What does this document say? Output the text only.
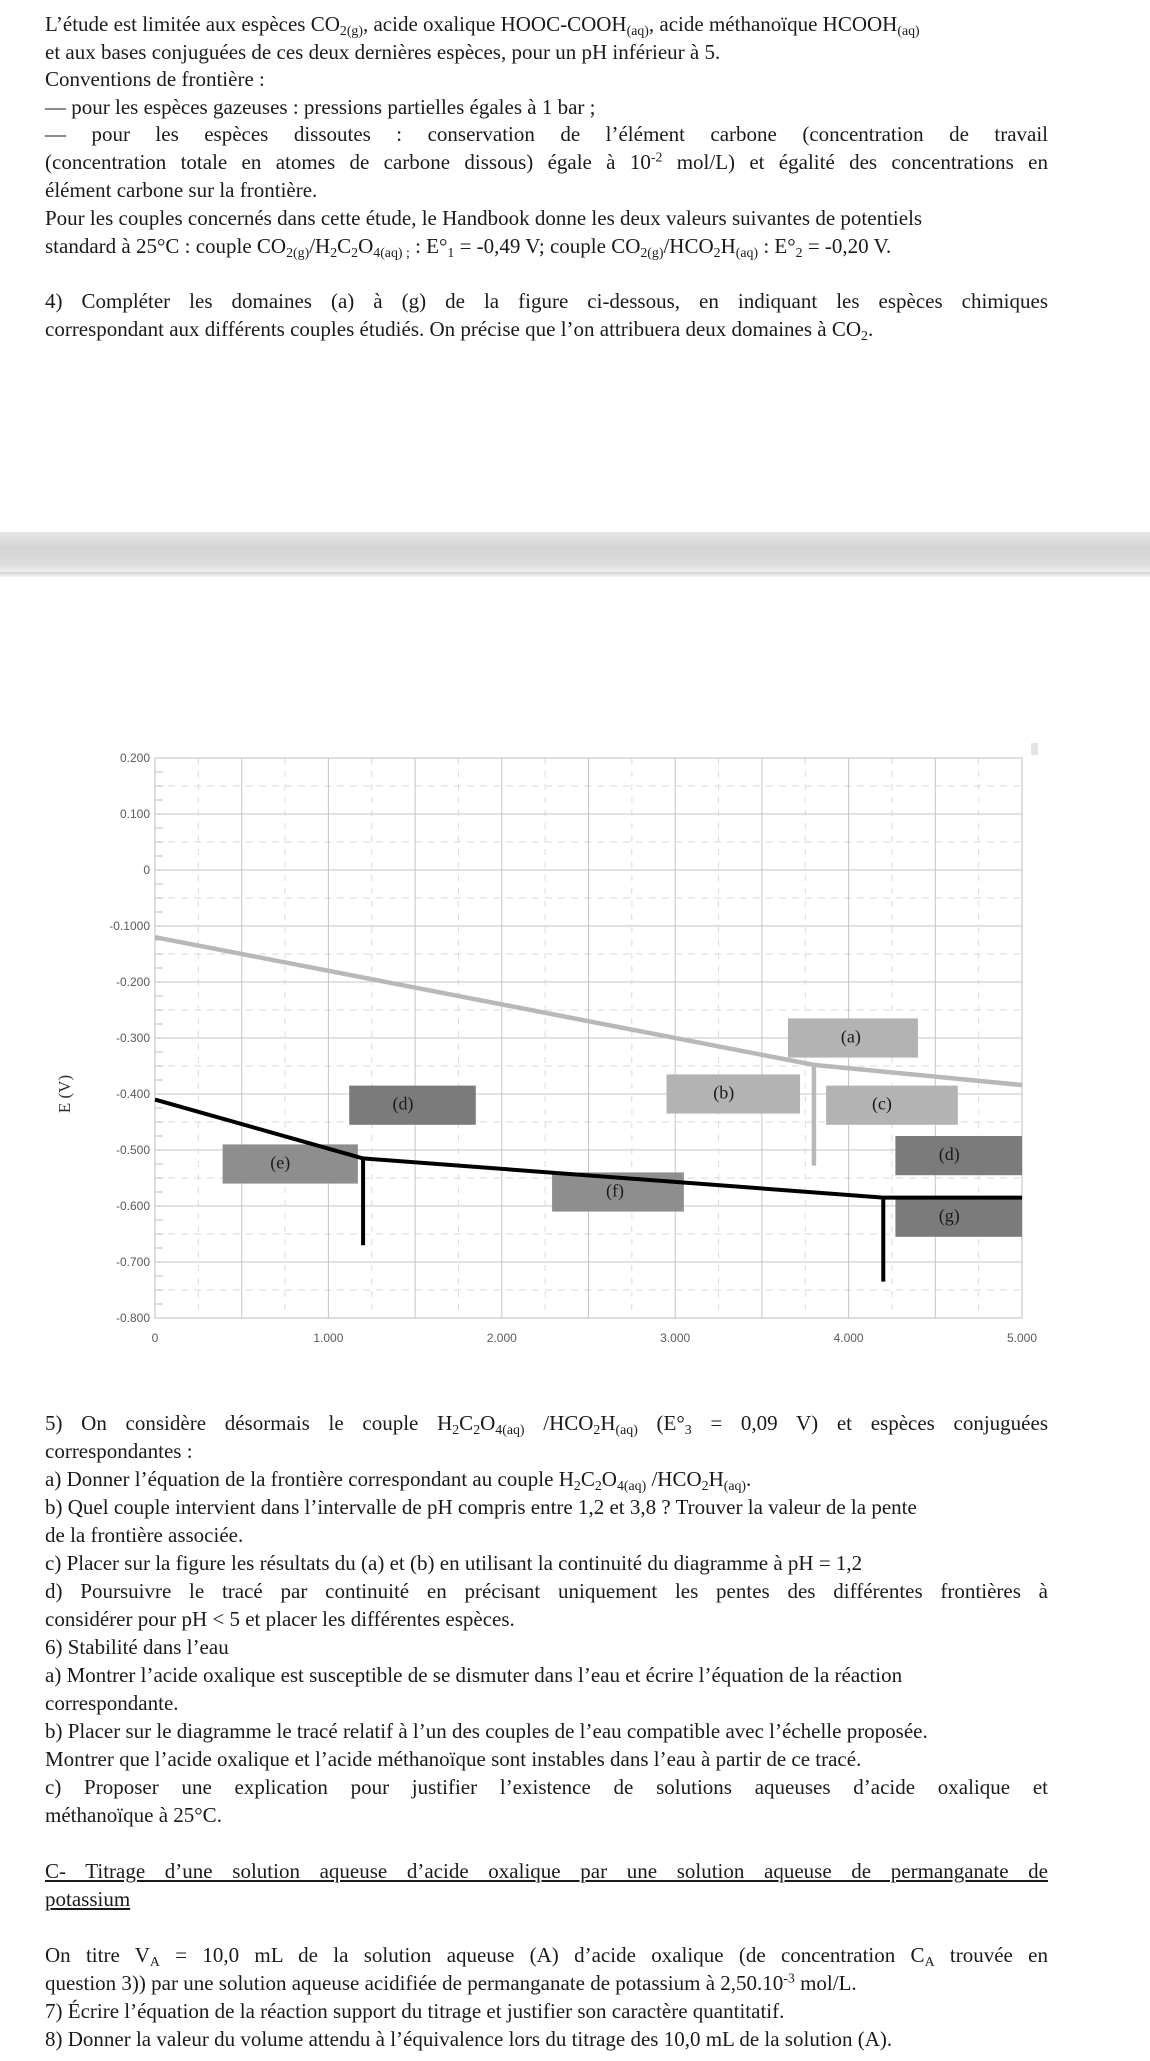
L’étude est limitée aux espèces $CO_{2(g)}$, acide oxalique HOOC-$COOH_{(aq)}$, acide méthanoïque $HCOOH_{(aq)}$
et aux bases conjuguées de ces deux dernières espèces, pour un pH inférieur à 5.
Conventions de frontière :
— pour les espèces gazeuses : pressions partielles égales à 1 bar ;
— pour les espèces dissoutes : conservation de l’élément carbone (concentration de travail
(concentration totale en atomes de carbone dissous) égale à $10^{-2}$ mol/L) et égalité des concentrations en
élément carbone sur la frontière.
Pour les couples concernés dans cette étude, le Handbook donne les deux valeurs suivantes de potentiels
standard à 25°C : couple $CO_{2(g)}/H_2C_2O_{4(aq) ;}$ : $E^\circ_1 = -0,49$ V; couple $CO_{2(g)}/HCO_2H_{(aq)}$ : $E^\circ_2 = -0,20$ V.
4) Compléter les domaines (a) à (g) de la figure ci-dessous, en indiquant les espèces chimiques
correspondant aux différents couples étudiés. On précise que l’on attribuera deux domaines à $CO_2$.
0.200
0.100
0
-0.1000
-0.200
-0.300
-0.400
-0.500
-0.600
-0.700
-0.800
0	1.000	2.000	3.000	4.000	5.000
E (V)
(a)
(b)
(c)
(d)
(d)
(e)
(f)
(g)
5) On considère désormais le couple $H_2C_2O_{4(aq)}$ $/HCO_2H_{(aq)}$ ($E^\circ_3 = 0,09$ V) et espèces conjuguées
correspondantes :
a) Donner l’équation de la frontière correspondant au couple $H_2C_2O_{4(aq)}$ $/HCO_2H_{(aq)}$.
b) Quel couple intervient dans l’intervalle de pH compris entre 1,2 et 3,8 ? Trouver la valeur de la pente
de la frontière associée.
c) Placer sur la figure les résultats du (a) et (b) en utilisant la continuité du diagramme à pH = 1,2
d) Poursuivre le tracé par continuité en précisant uniquement les pentes des différentes frontières à
considérer pour pH < 5 et placer les différentes espèces.
6) Stabilité dans l’eau
a) Montrer l’acide oxalique est susceptible de se dismuter dans l’eau et écrire l’équation de la réaction
correspondante.
b) Placer sur le diagramme le tracé relatif à l’un des couples de l’eau compatible avec l’échelle proposée.
Montrer que l’acide oxalique et l’acide méthanoïque sont instables dans l’eau à partir de ce tracé.
c) Proposer une explication pour justifier l’existence de solutions aqueuses d’acide oxalique et
méthanoïque à 25°C.
C- Titrage d’une solution aqueuse d’acide oxalique par une solution aqueuse de permanganate de
potassium
On titre $V_A = 10,0$ mL de la solution aqueuse (A) d’acide oxalique (de concentration $C_A$ trouvée en
question 3)) par une solution aqueuse acidifiée de permanganate de potassium à $2,50.10^{-3}$ mol/L.
7) Écrire l’équation de la réaction support du titrage et justifier son caractère quantitatif.
8) Donner la valeur du volume attendu à l’équivalence lors du titrage des 10,0 mL de la solution (A).
